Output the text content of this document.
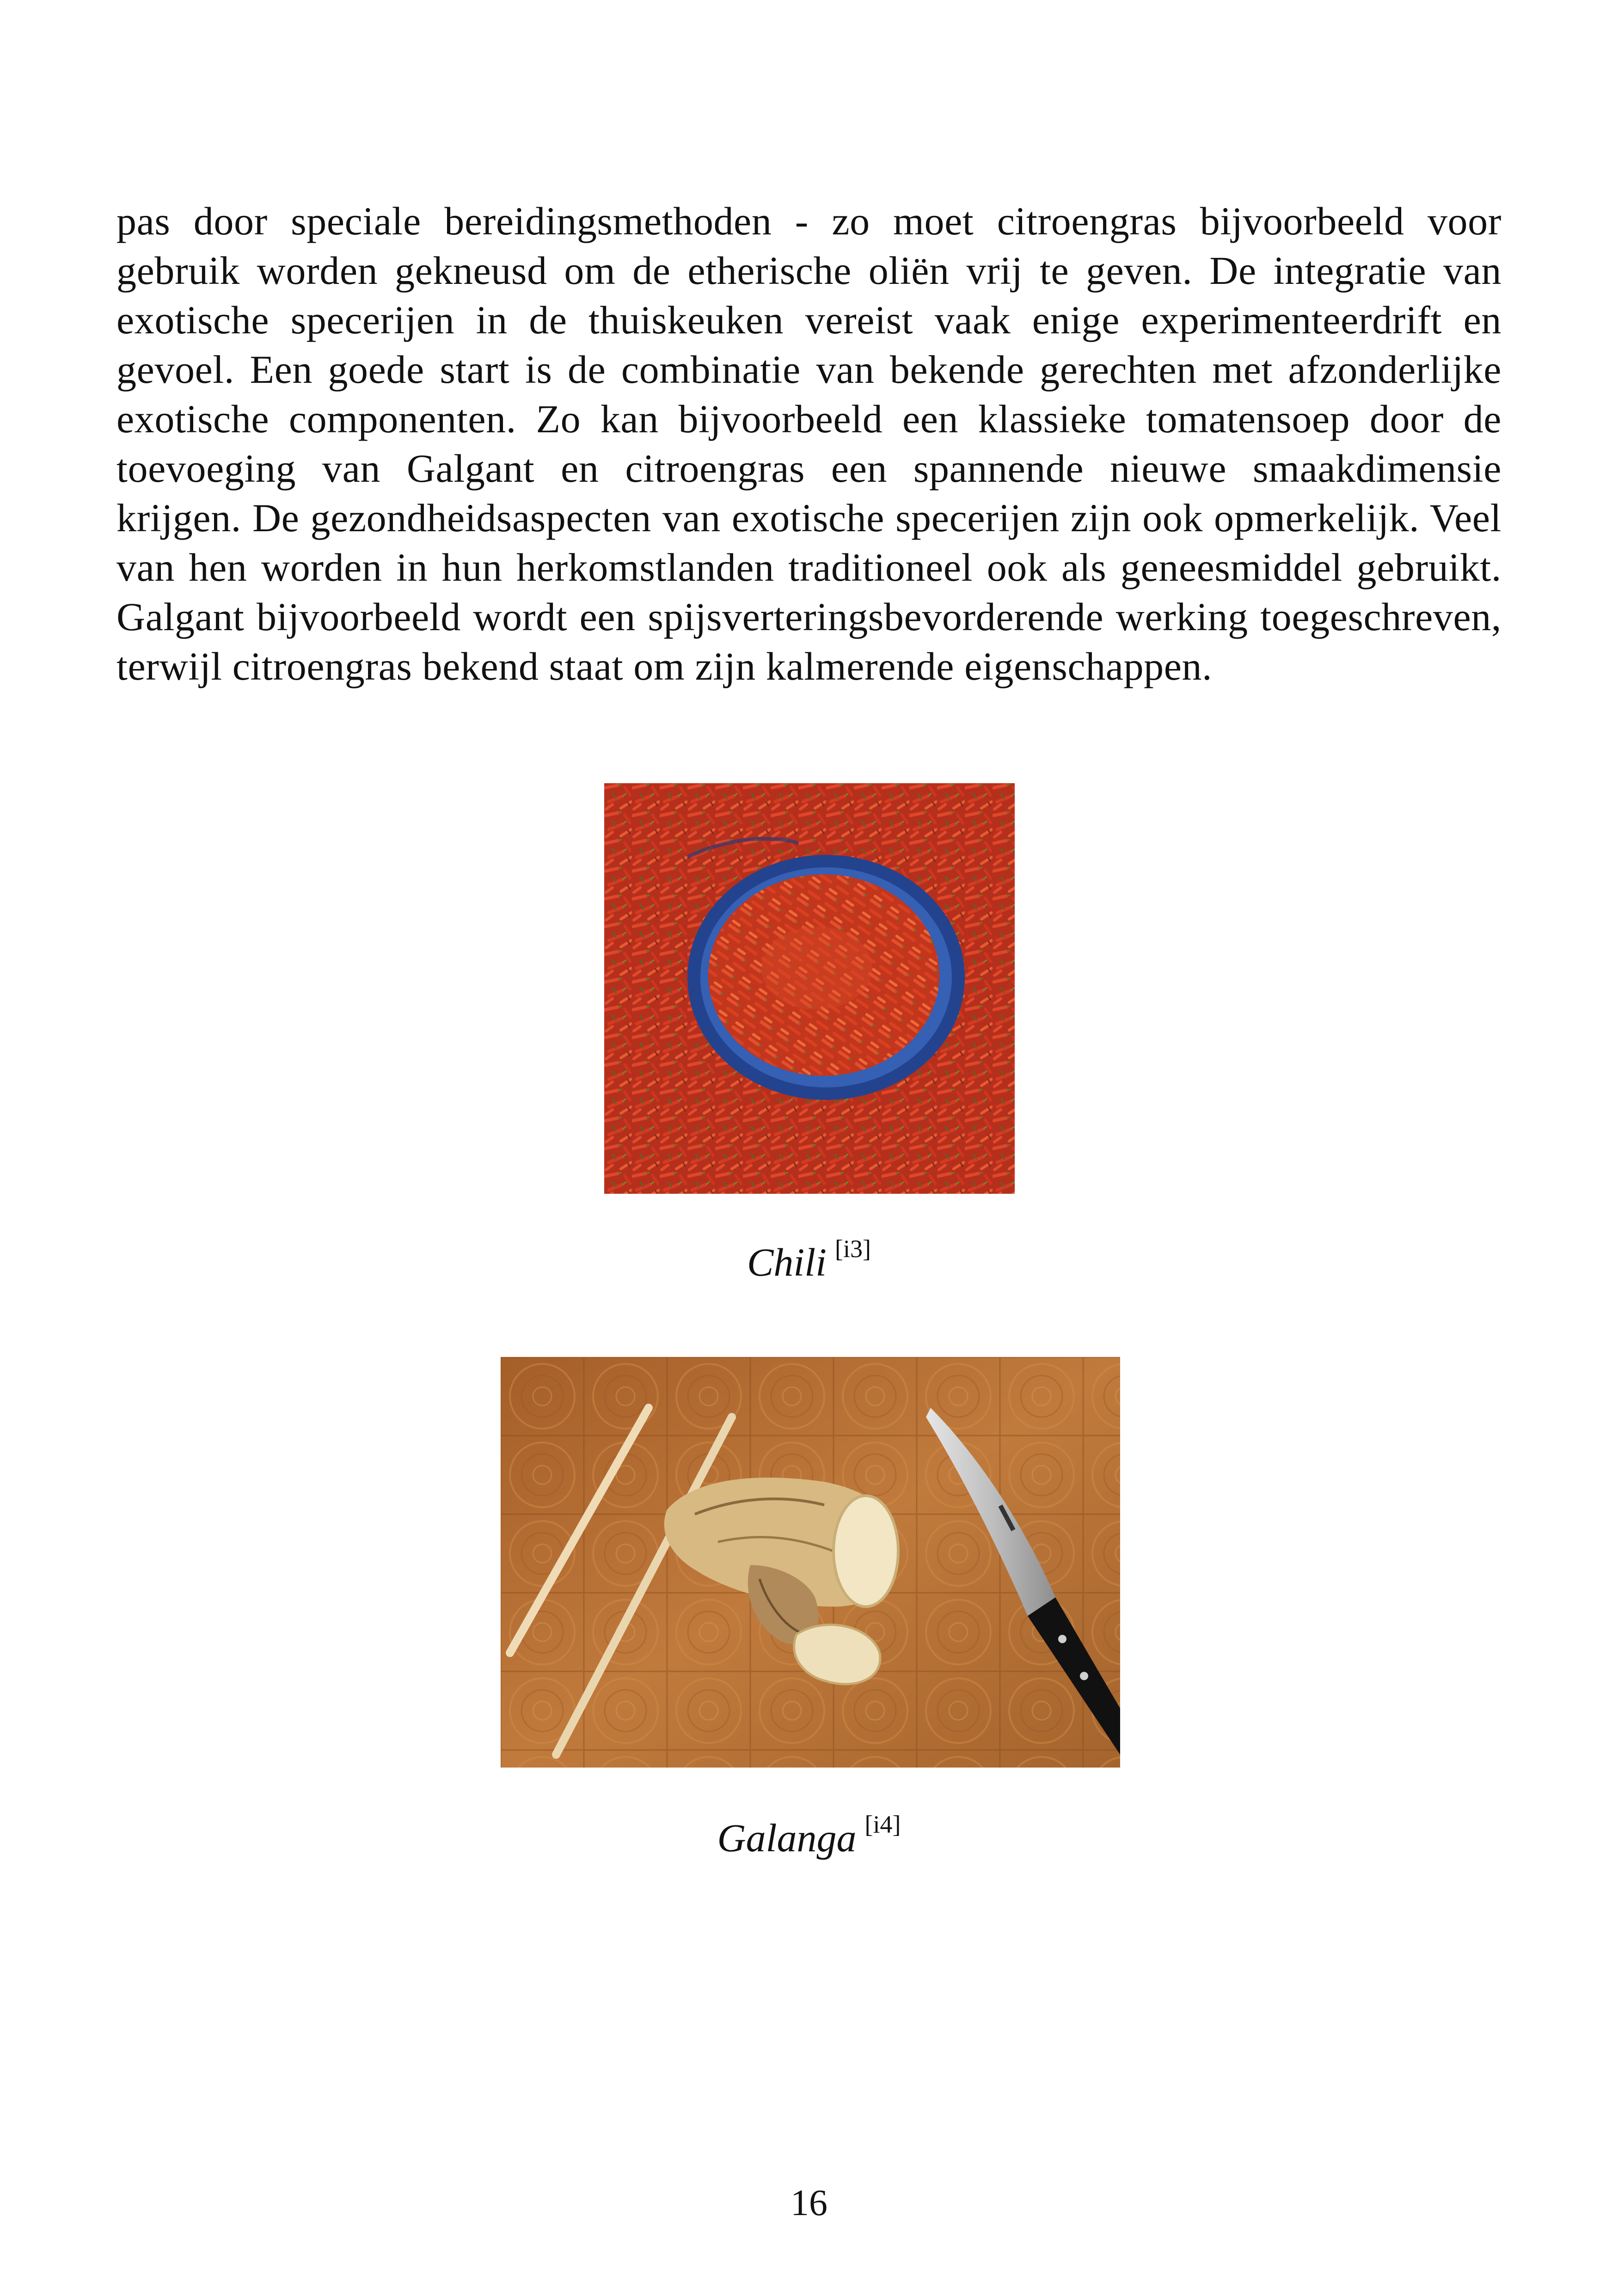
pas door speciale bereidingsmethoden - zo moet citroengras bijvoorbeeld voor gebruik worden gekneusd om de etherische oliën vrij te geven. De integratie van exotische specerijen in de thuiskeuken vereist vaak enige experimenteerdrift en gevoel. Een goede start is de combinatie van bekende gerechten met afzonderlijke exotische componenten. Zo kan bijvoorbeeld een klassieke tomatensoep door de toevoeging van Galgant en citroengras een spannende nieuwe smaakdimensie krijgen. De gezondheidsaspecten van exotische specerijen zijn ook opmerkelijk. Veel van hen worden in hun herkomstlanden traditioneel ook als geneesmiddel gebruikt. Galgant bijvoorbeeld wordt een spijsverteringsbevorderende werking toegeschreven, terwijl citroengras bekend staat om zijn kalmerende eigenschappen.

Chili [i3]
Galanga [i4]
16
